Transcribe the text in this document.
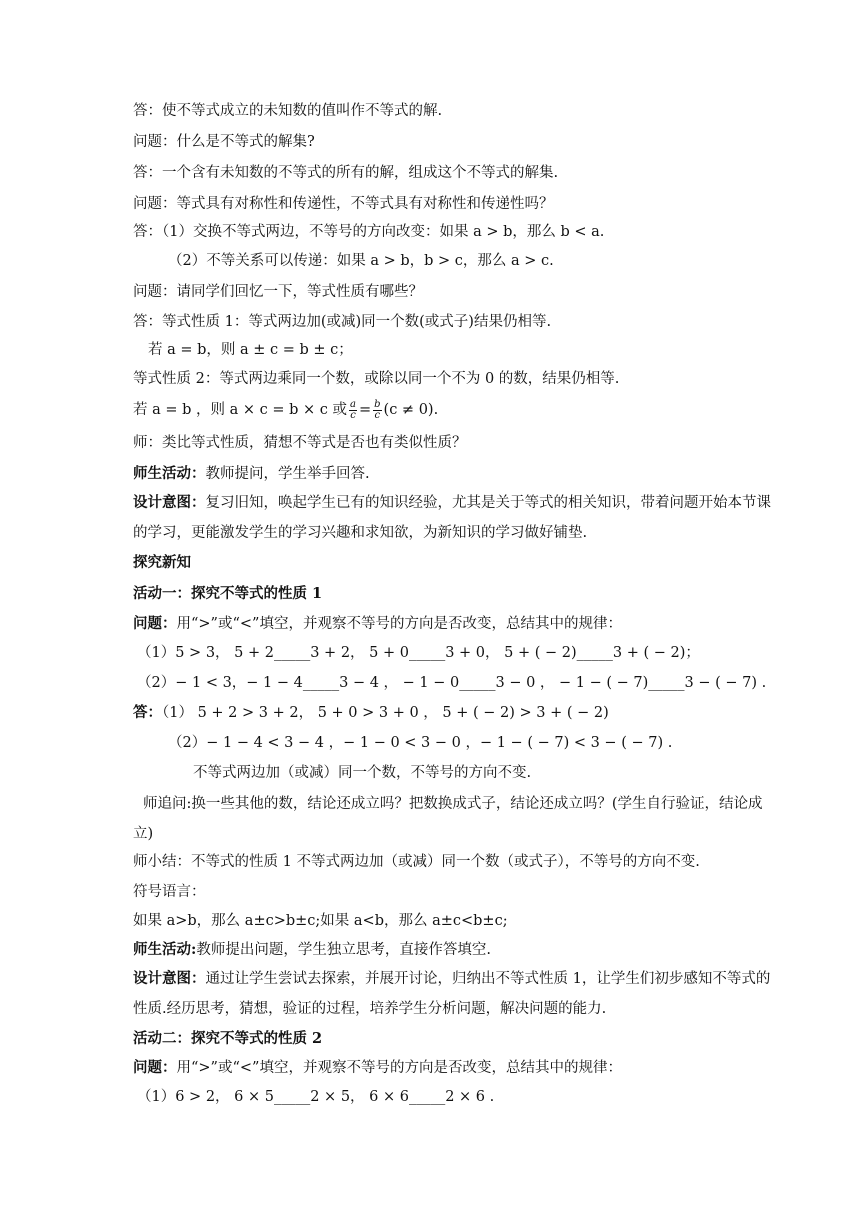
答：使不等式成立的未知数的值叫作不等式的解.
问题：什么是不等式的解集?
答：一个含有未知数的不等式的所有的解，组成这个不等式的解集.
问题：等式具有对称性和传递性，不等式具有对称性和传递性吗？
答：（1）交换不等式两边，不等号的方向改变：如果 a > b，那么 b < a.
（2）不等关系可以传递：如果 a > b，b > c，那么 a > c.
问题：请同学们回忆一下，等式性质有哪些？
答：等式性质 1：等式两边加(或减)同一个数(或式子)结果仍相等.
若 a = b，则 a ± c = b ± c；
等式性质 2：等式两边乘同一个数，或除以同一个不为 0 的数，结果仍相等.
若 a = b ，则 a × c = b × c 或 $\frac{a}{c} = \frac{b}{c} (c \ne 0)$.
师：类比等式性质，猜想不等式是否也有类似性质？
师生活动：教师提问，学生举手回答.
设计意图：复习旧知，唤起学生已有的知识经验，尤其是关于等式的相关知识，带着问题开始本节课的学习，更能激发学生的学习兴趣和求知欲，为新知识的学习做好铺垫.
探究新知
活动一：探究不等式的性质 1
问题：用“>”或“<”填空，并观察不等号的方向是否改变，总结其中的规律：
（1）5 > 3， 5 + 2_____3 + 2， 5 + 0_____3 + 0， 5 + ( − 2)_____3 + ( − 2)；
（2）− 1 < 3，− 1 − 4_____3 − 4 ， − 1 − 0_____3 − 0 ， − 1 − ( − 7)_____3 − ( − 7) .
答：（1） 5 + 2 > 3 + 2， 5 + 0 > 3 + 0 ， 5 + ( − 2) > 3 + ( − 2)
（2）− 1 − 4 < 3 − 4 ，− 1 − 0 < 3 − 0 ，− 1 − ( − 7) < 3 − ( − 7) .
不等式两边加（或减）同一个数，不等号的方向不变.
师追问:换一些其他的数，结论还成立吗？把数换成式子，结论还成立吗？(学生自行验证，结论成立)
师小结：不等式的性质 1 不等式两边加（或减）同一个数（或式子），不等号的方向不变.
符号语言：
如果 a>b，那么 a±c>b±c;如果 a<b，那么 a±c<b±c;
师生活动:教师提出问题，学生独立思考，直接作答填空.
设计意图：通过让学生尝试去探索，并展开讨论，归纳出不等式性质 1，让学生们初步感知不等式的性质.经历思考，猜想，验证的过程，培养学生分析问题，解决问题的能力.
活动二：探究不等式的性质 2
问题：用“>”或“<”填空，并观察不等号的方向是否改变，总结其中的规律：
（1）6 > 2， 6 × 5_____2 × 5， 6 × 6_____2 × 6 .
